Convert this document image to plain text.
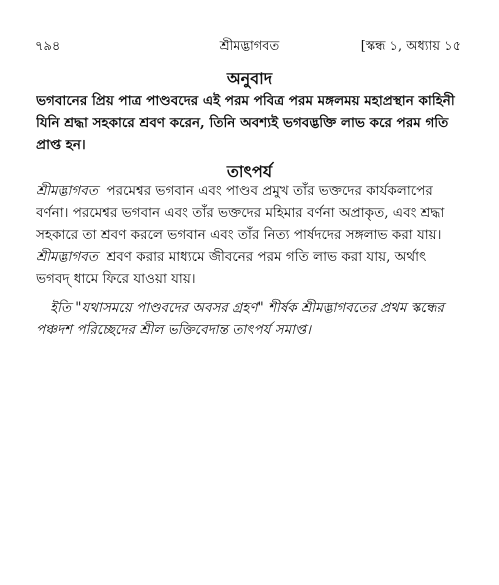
৭৯৪	শ্রীমদ্ভাগবত	[স্কন্ধ ১, অধ্যায় ১৫
অনুবাদ
ভগবানের প্রিয় পাত্র পাণ্ডবদের এই পরম পবিত্র পরম মঙ্গলময় মহাপ্রস্থান কাহিনী
যিনি শ্রদ্ধা সহকারে শ্রবণ করেন, তিনি অবশ্যই ভগবদ্ভক্তি লাভ করে পরম গতি
প্রাপ্ত হন।
তাৎপর্য
শ্রীমদ্ভাগবত  পরমেশ্বর ভগবান এবং পাণ্ডব প্রমুখ তাঁর ভক্তদের কার্যকলাপের
বর্ণনা। পরমেশ্বর ভগবান এবং তাঁর ভক্তদের মহিমার বর্ণনা অপ্রাকৃত, এবং শ্রদ্ধা
সহকারে তা শ্রবণ করলে ভগবান এবং তাঁর নিত্য পার্ষদদের সঙ্গলাভ করা যায়।
শ্রীমদ্ভাগবত  শ্রবণ করার মাধ্যমে জীবনের পরম গতি লাভ করা যায়, অর্থাৎ
ভগবদ্ ধামে ফিরে যাওয়া যায়।
ইতি "যথাসময়ে পাণ্ডবদের অবসর গ্রহণ" শীর্ষক শ্রীমদ্ভাগবতের প্রথম স্কন্ধের
পঞ্চদশ পরিচ্ছেদের শ্রীল ভক্তিবেদান্ত তাৎপর্য সমাপ্ত।
